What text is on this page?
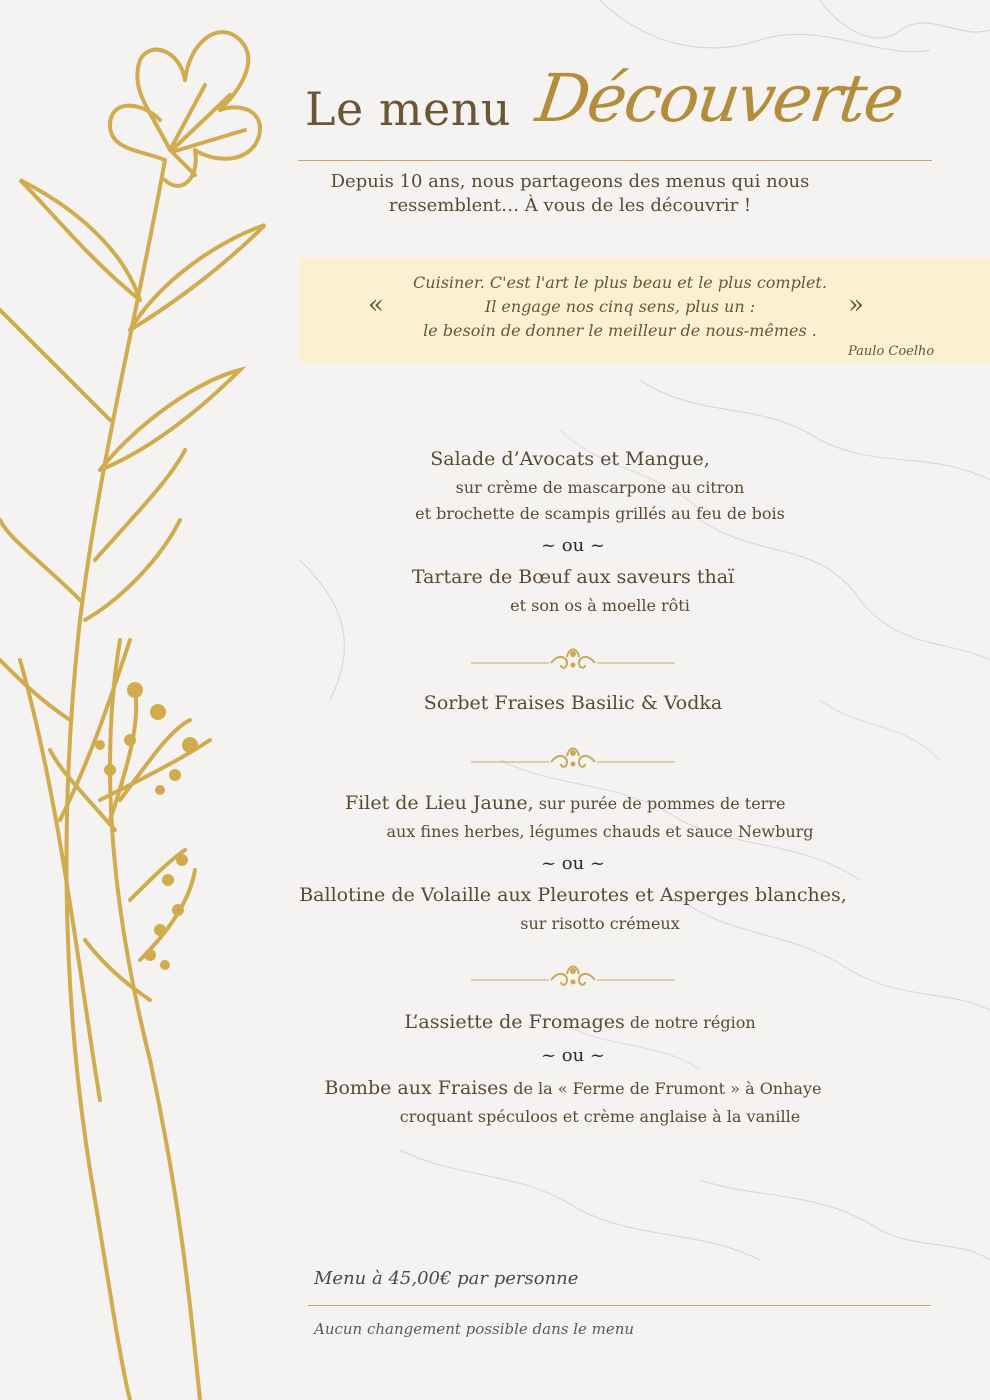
Le menu Découverte
Depuis 10 ans, nous partageons des menus qui nous
ressemblent… À vous de les découvrir !
«	»
Cuisiner. C'est l'art le plus beau et le plus complet.
Il engage nos cinq sens, plus un :
le besoin de donner le meilleur de nous-mêmes .
Paulo Coelho
Salade d’Avocats et Mangue,
sur crème de mascarpone au citron
et brochette de scampis grillés au feu de bois
~ ou ~
Tartare de Bœuf aux saveurs thaï
et son os à moelle rôti
Sorbet Fraises Basilic & Vodka
Filet de Lieu Jaune, sur purée de pommes de terre
aux fines herbes, légumes chauds et sauce Newburg
~ ou ~
Ballotine de Volaille aux Pleurotes et Asperges blanches,
sur risotto crémeux
L’assiette de Fromages de notre région
~ ou ~
Bombe aux Fraises de la « Ferme de Frumont » à Onhaye
croquant spéculoos et crème anglaise à la vanille
Menu à 45,00€ par personne
Aucun changement possible dans le menu
